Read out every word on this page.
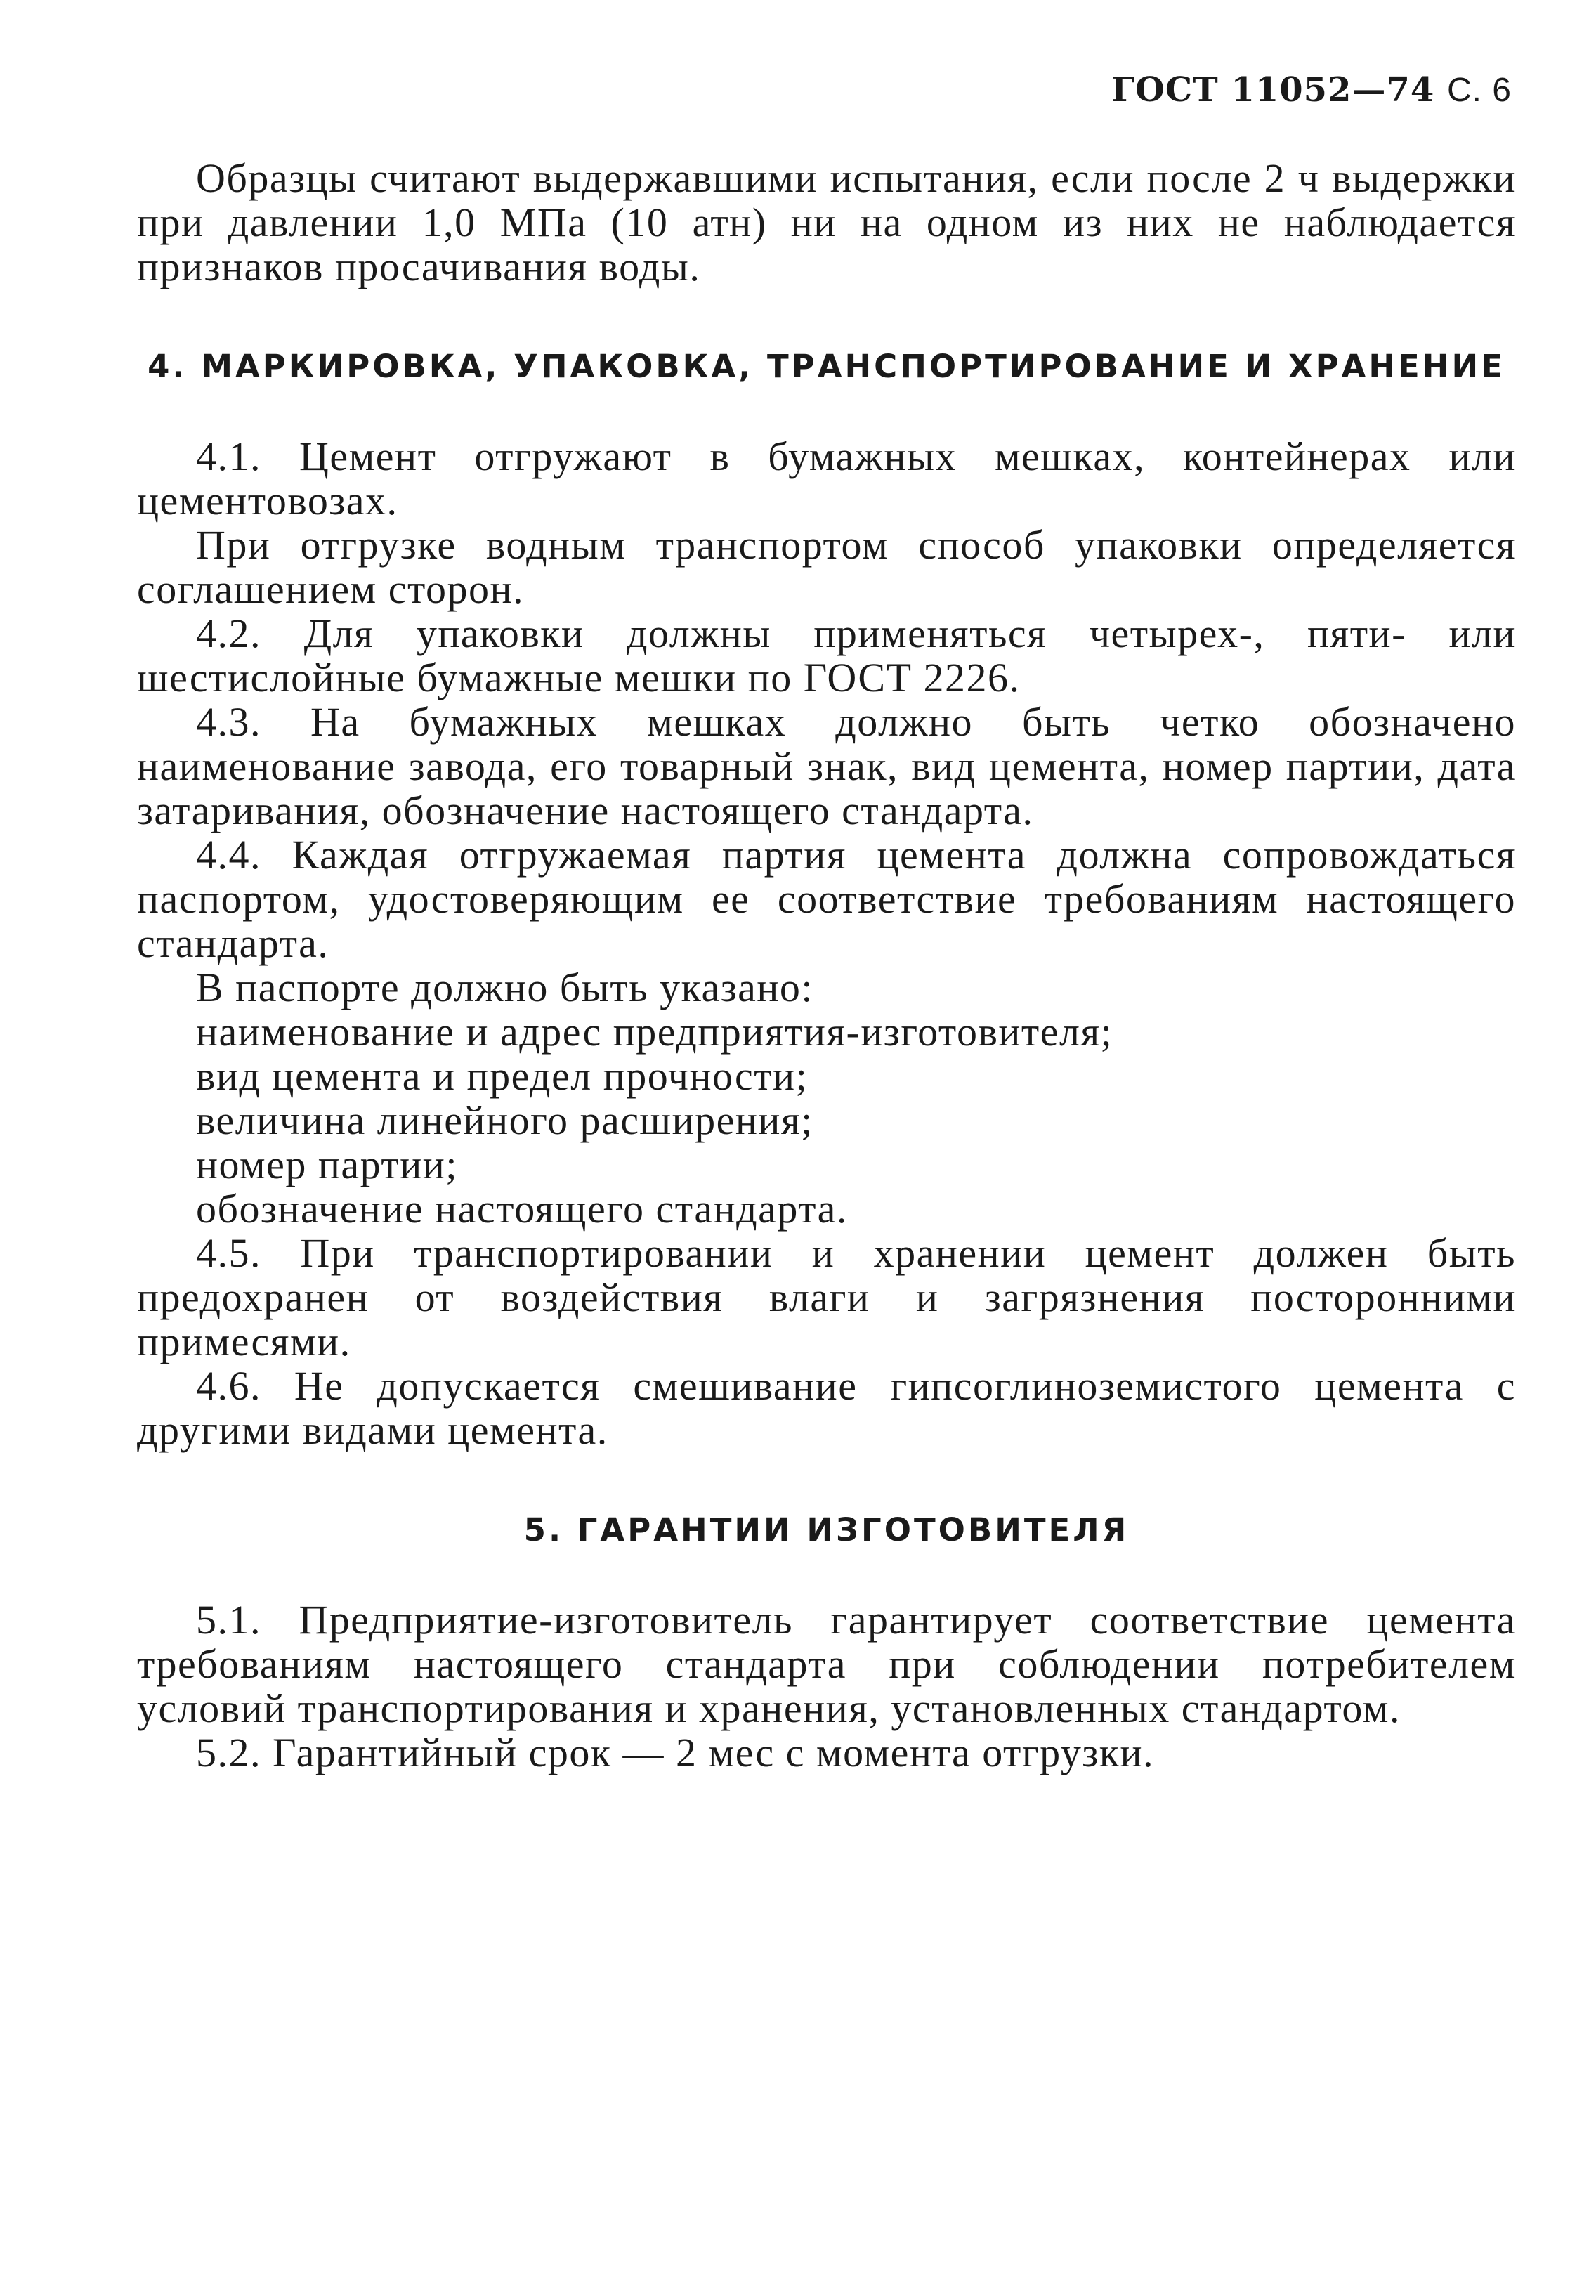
ГОСТ 11052—74 С. 6

Образцы считают выдержавшими испытания, если после 2 ч выдержки при давлении 1,0 МПа (10 атн) ни на одном из них не наблюдается признаков просачивания воды.

4. МАРКИРОВКА, УПАКОВКА, ТРАНСПОРТИРОВАНИЕ И ХРАНЕНИЕ

4.1. Цемент отгружают в бумажных мешках, контейнерах или цементовозах.

При отгрузке водным транспортом способ упаковки определяется соглашением сторон.

4.2. Для упаковки должны применяться четырех-, пяти- или шестислойные бумажные мешки по ГОСТ 2226.

4.3. На бумажных мешках должно быть четко обозначено наименование завода, его товарный знак, вид цемента, номер партии, дата затаривания, обозначение настоящего стандарта.

4.4. Каждая отгружаемая партия цемента должна сопровождаться паспортом, удостоверяющим ее соответствие требованиям настоящего стандарта.

В паспорте должно быть указано:

наименование и адрес предприятия-изготовителя;

вид цемента и предел прочности;

величина линейного расширения;

номер партии;

обозначение настоящего стандарта.

4.5. При транспортировании и хранении цемент должен быть предохранен от воздействия влаги и загрязнения посторонними примесями.

4.6. Не допускается смешивание гипсоглиноземистого цемента с другими видами цемента.

5. ГАРАНТИИ ИЗГОТОВИТЕЛЯ

5.1. Предприятие-изготовитель гарантирует соответствие цемента требованиям настоящего стандарта при соблюдении потребителем условий транспортирования и хранения, установленных стандартом.

5.2. Гарантийный срок — 2 мес с момента отгрузки.
